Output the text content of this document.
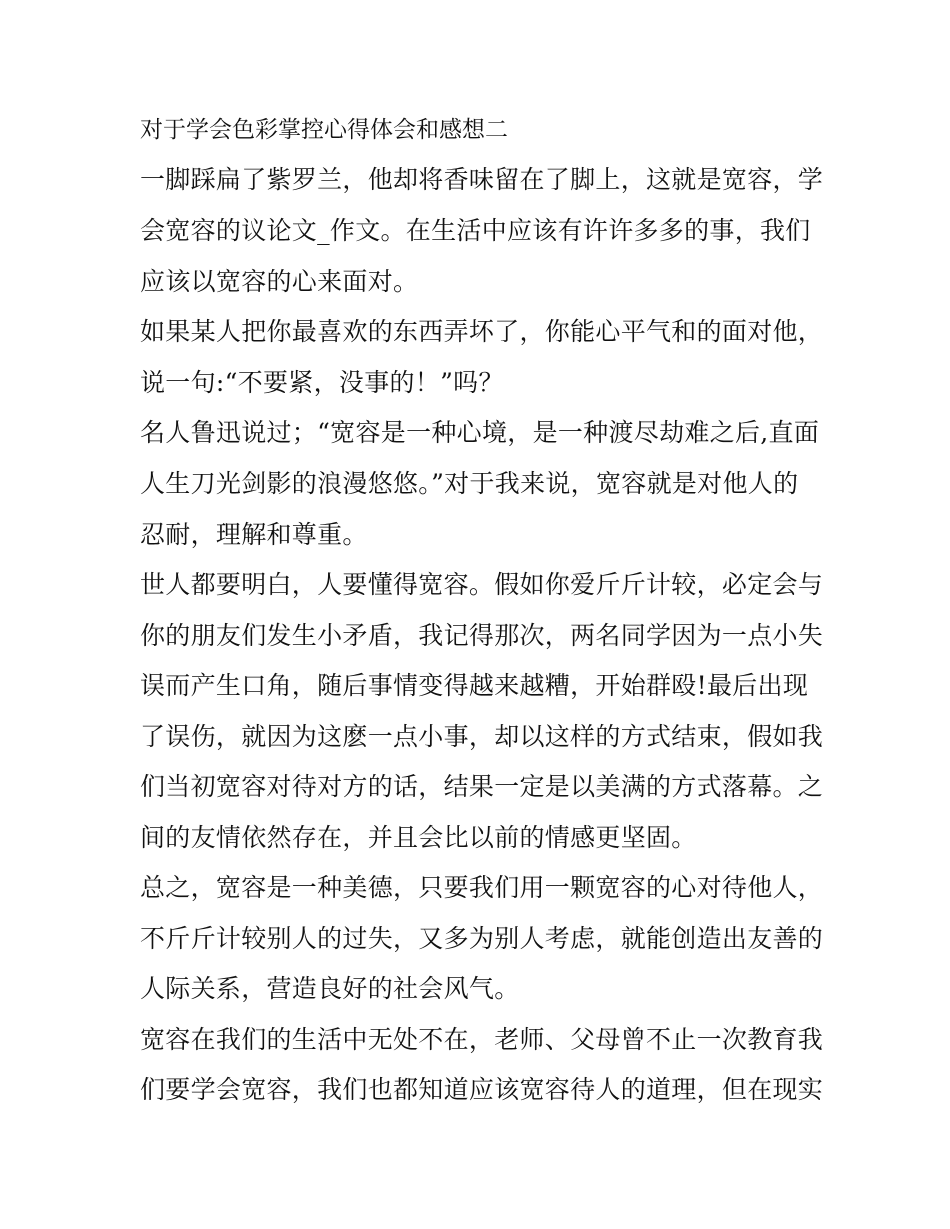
对于学会色彩掌控心得体会和感想二
一脚踩扁了紫罗兰，他却将香味留在了脚上，这就是宽容，学
会宽容的议论文_作文。在生活中应该有许许多多的事，我们
应该以宽容的心来面对。
如果某人把你最喜欢的东西弄坏了，你能心平气和的面对他，
说一句:“不要紧，没事的！”吗？
名人鲁迅说过；“宽容是一种心境，是一种渡尽劫难之后,直面
人生刀光剑影的浪漫悠悠。”对于我来说，宽容就是对他人的
忍耐，理解和尊重。
世人都要明白，人要懂得宽容。假如你爱斤斤计较，必定会与
你的朋友们发生小矛盾，我记得那次，两名同学因为一点小失
误而产生口角，随后事情变得越来越糟，开始群殴!最后出现
了误伤，就因为这麽一点小事，却以这样的方式结束，假如我
们当初宽容对待对方的话，结果一定是以美满的方式落幕。之
间的友情依然存在，并且会比以前的情感更坚固。
总之，宽容是一种美德，只要我们用一颗宽容的心对待他人，
不斤斤计较别人的过失，又多为别人考虑，就能创造出友善的
人际关系，营造良好的社会风气。
宽容在我们的生活中无处不在，老师、父母曾不止一次教育我
们要学会宽容，我们也都知道应该宽容待人的道理，但在现实
